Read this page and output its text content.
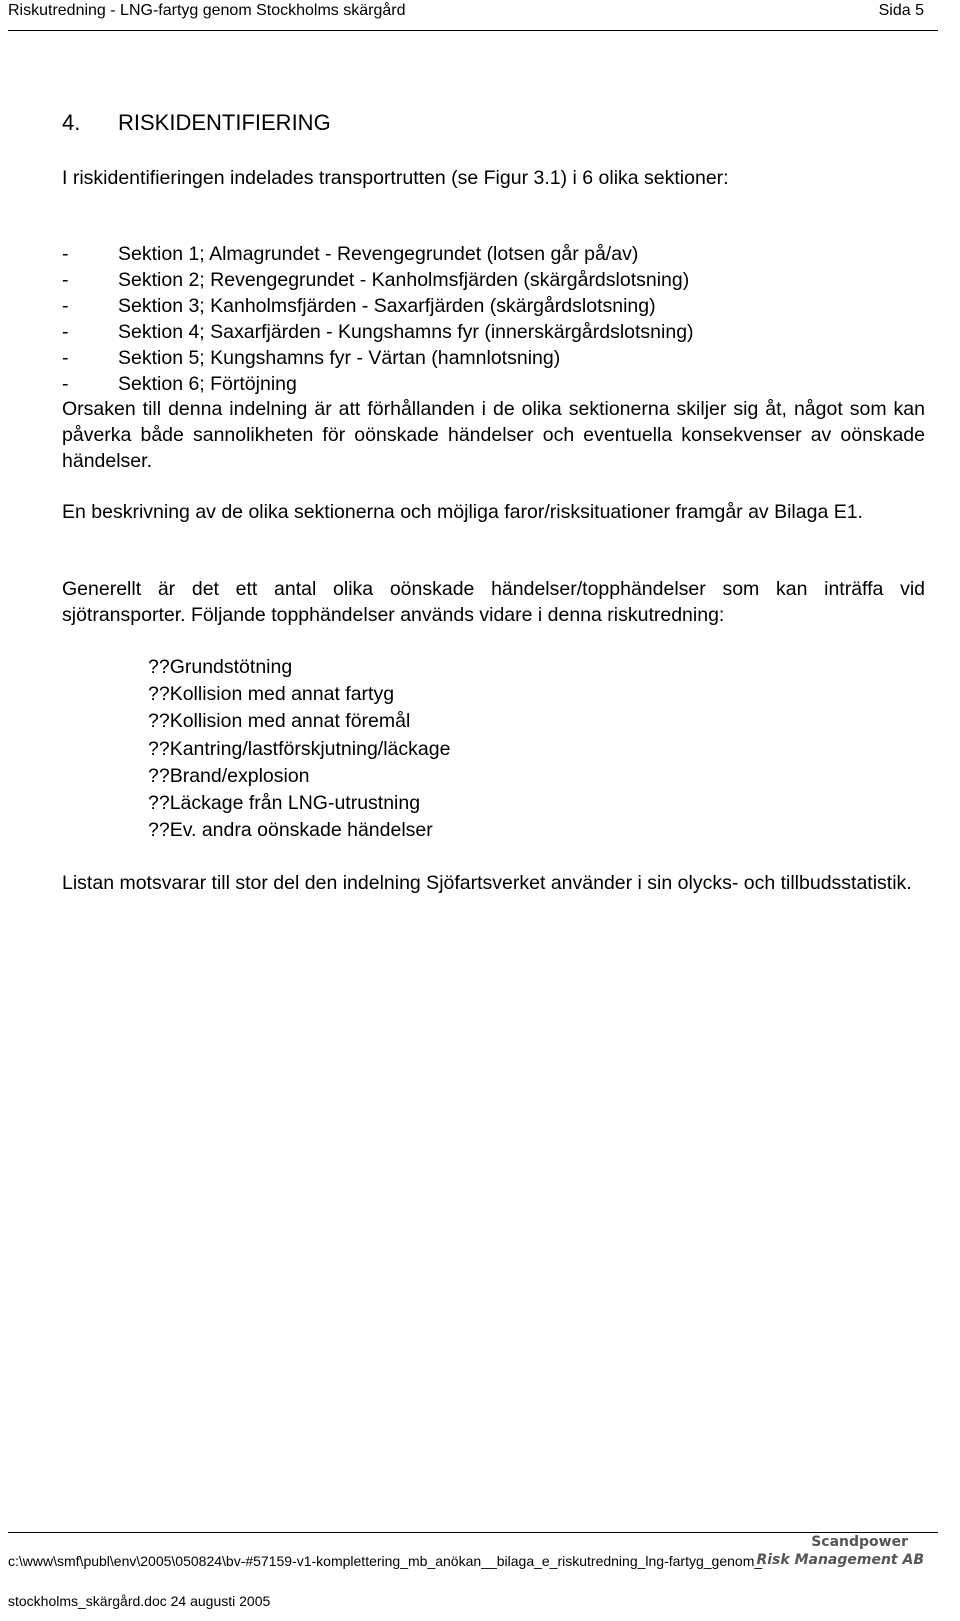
Riskutredning - LNG-fartyg genom Stockholms skärgård	Sida 5
4. RISKIDENTIFIERING

I riskidentifieringen indelades transportrutten (se Figur 3.1) i 6 olika sektioner:

-	Sektion 1; Almagrundet - Revengegrundet (lotsen går på/av)
-	Sektion 2; Revengegrundet - Kanholmsfjärden (skärgårdslotsning)
-	Sektion 3; Kanholmsfjärden - Saxarfjärden (skärgårdslotsning)
-	Sektion 4; Saxarfjärden - Kungshamns fyr (innerskärgårdslotsning)
-	Sektion 5; Kungshamns fyr - Värtan (hamnlotsning)
-	Sektion 6; Förtöjning

Orsaken till denna indelning är att förhållanden i de olika sektionerna skiljer sig åt, något som kan påverka både sannolikheten för oönskade händelser och eventuella konsekvenser av oönskade händelser.

En beskrivning av de olika sektionerna och möjliga faror/risksituationer framgår av Bilaga E1.

Generellt är det ett antal olika oönskade händelser/topphändelser som kan inträffa vid sjötransporter. Följande topphändelser används vidare i denna riskutredning:

??Grundstötning
??Kollision med annat fartyg
??Kollision med annat föremål
??Kantring/lastförskjutning/läckage
??Brand/explosion
??Läckage från LNG-utrustning
??Ev. andra oönskade händelser

Listan motsvarar till stor del den indelning Sjöfartsverket använder i sin olycks- och tillbudsstatistik.

c:\www\smf\publ\env\2005\050824\bv-#57159-v1-komplettering_mb_anökan__bilaga_e_riskutredning_lng-fartyg_genom_stockholms_skärgård.doc 24 augusti 2005
Scandpower
Risk Management AB
